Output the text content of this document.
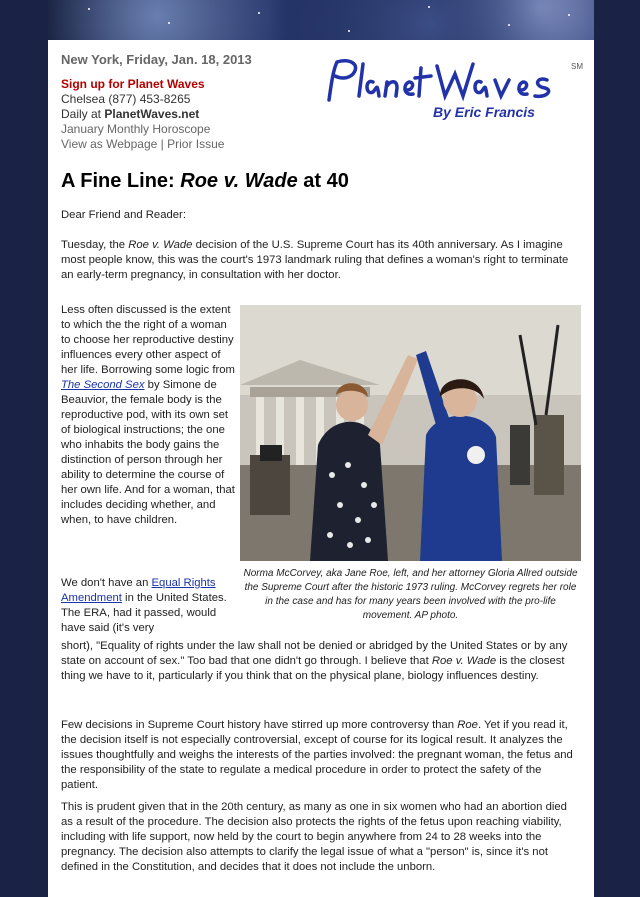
New York, Friday, Jan. 18, 2013
Sign up for Planet Waves
Chelsea (877) 453-8265
Daily at PlanetWaves.net
January Monthly Horoscope
View as Webpage | Prior Issue
SM
By Eric Francis
A Fine Line: Roe v. Wade at 40
Dear Friend and Reader:
Tuesday, the Roe v. Wade decision of the U.S. Supreme Court has its 40th anniversary. As I imagine most people know, this was the court's 1973 landmark ruling that defines a woman's right to terminate an early-term pregnancy, in consultation with her doctor.
Less often discussed is the extent to which the the right of a woman to choose her reproductive destiny influences every other aspect of her life. Borrowing some logic from The Second Sex by Simone de Beauvior, the female body is the reproductive pod, with its own set of biological instructions; the one who inhabits the body gains the distinction of person through her ability to determine the course of her own life. And for a woman, that includes deciding whether, and when, to have children.
Norma McCorvey, aka Jane Roe, left, and her attorney Gloria Allred outside the Supreme Court after the historic 1973 ruling. McCorvey regrets her role in the case and has for many years been involved with the pro-life movement. AP photo.
We don't have an Equal Rights Amendment in the United States. The ERA, had it passed, would have said (it's very
short), "Equality of rights under the law shall not be denied or abridged by the United States or by any state on account of sex." Too bad that one didn't go through. I believe that Roe v. Wade is the closest thing we have to it, particularly if you think that on the physical plane, biology influences destiny.
Few decisions in Supreme Court history have stirred up more controversy than Roe. Yet if you read it, the decision itself is not especially controversial, except of course for its logical result. It analyzes the issues thoughtfully and weighs the interests of the parties involved: the pregnant woman, the fetus and the responsibility of the state to regulate a medical procedure in order to protect the safety of the patient.
This is prudent given that in the 20th century, as many as one in six women who had an abortion died as a result of the procedure. The decision also protects the rights of the fetus upon reaching viability, including with life support, now held by the court to begin anywhere from 24 to 28 weeks into the pregnancy. The decision also attempts to clarify the legal issue of what a "person" is, since it's not defined in the Constitution, and decides that it does not include the unborn.
